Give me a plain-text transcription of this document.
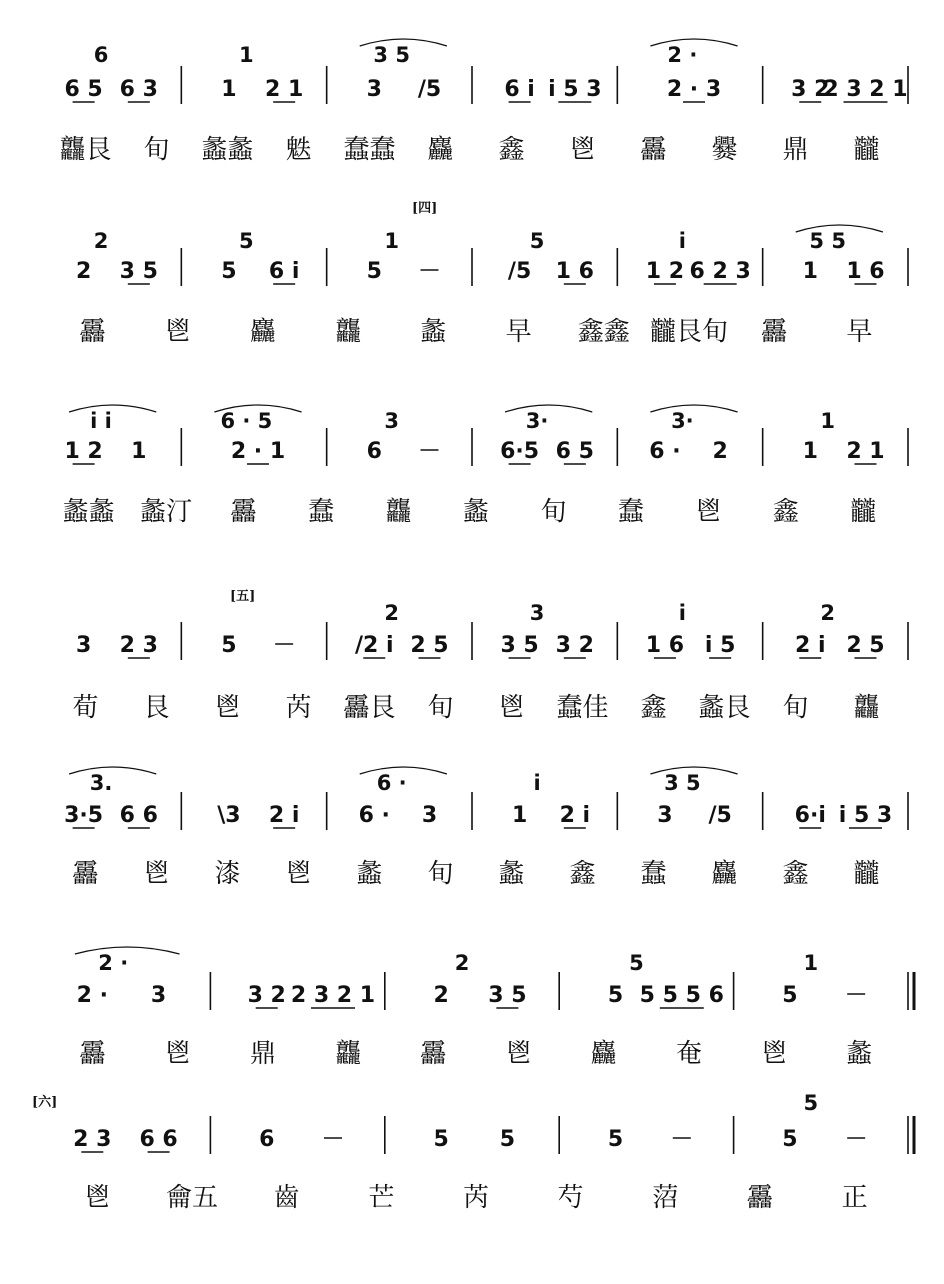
6
6 5 6 3
1
1 2 1
3 5
3 /5	6 i i 5 3
2 ·
2 · 3	3 2
2 3 2 1
龘艮 旬 蠡蠡 䰡 蠢蠢 麤 鑫 鬯 靐 爨 鼎 龖
2
2 3 5
5
5 6 i
1
5
5
/5 1 6
i
1 2 6 2 3
5 5
1 1 6
靐 鬯 麤 龘 蠡 早 鑫鑫 龖艮旬 靐 早
i i
1 2 1
6 · 5
2 · 1
3
6
3·
6·5 6 5
3·
6 · 2
1
1 2 1
蠡蠡 蠡汀 靐 蠢 龘 蠡 旬 蠢 鬯 鑫 龖
3 2 3	5
2
/2 i 2 5
3
3 5 3 2
i
1 6 i 5
2
2 i 2 5
荀 艮 鬯 芮 靐艮 旬 鬯 蠢佳 鑫 蠡艮 旬 龘
3.
3·5 6 6	\3 2 i
6 ·
6 · 3
i
1 2 i
3 5
3 /5	6·i i 5 3
靐 鬯 漆 鬯 蠡 旬 蠡 鑫 蠢 麤 鑫 龖
2 ·
2 · 3	3 2 2 3 2 1
2
2 3 5
5
5 5 5 5 6
1
5
靐 鬯 鼎 龘 靐 鬯 麤 奄 鬯 蠡
2 3 6 6	6	5 5	5
5
5
鬯 龠五 齒	芒	芮	芍	菬	靐	正
[四]
[五]
[六]
